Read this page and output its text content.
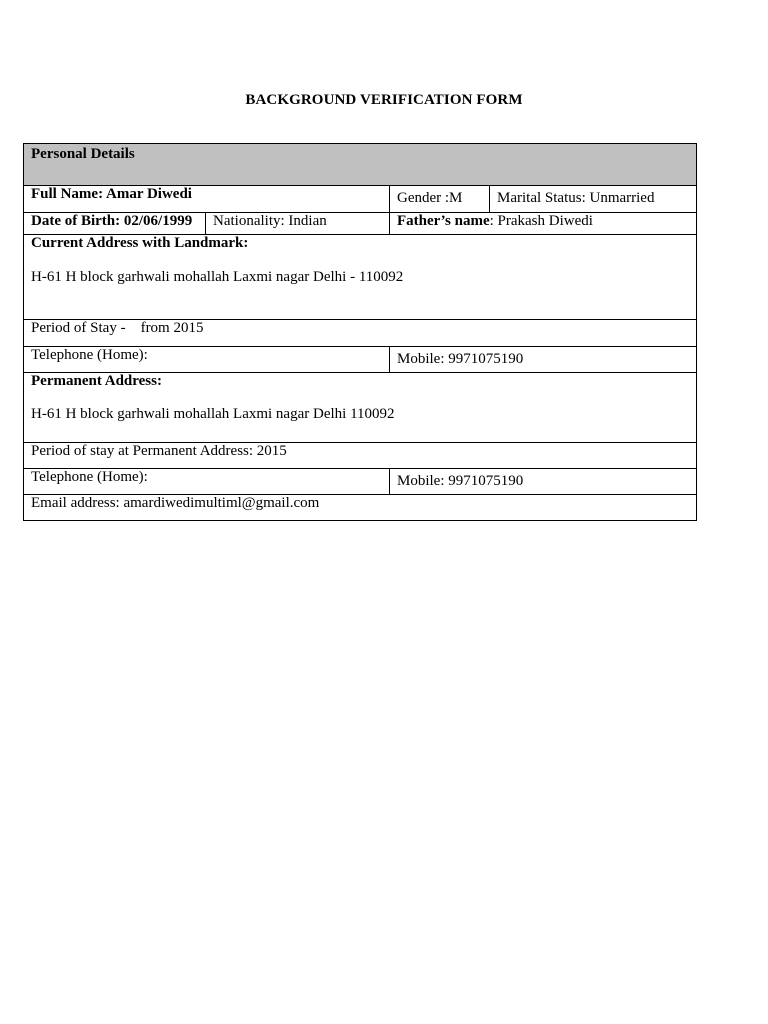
BACKGROUND VERIFICATION FORM
Personal Details
Full Name: Amar Diwedi	Gender :M Marital Status: Unmarried
Date of Birth: 02/06/1999 Nationality: Indian	Father’s name: Prakash Diwedi
Current Address with Landmark:
H-61 H block garhwali mohallah Laxmi nagar Delhi - 110092
Period of Stay -    from 2015
Telephone (Home):	Mobile: 9971075190
Permanent Address:
H-61 H block garhwali mohallah Laxmi nagar Delhi 110092
Period of stay at Permanent Address: 2015
Telephone (Home):	Mobile: 9971075190
Email address: amardiwedimultiml@gmail.com
